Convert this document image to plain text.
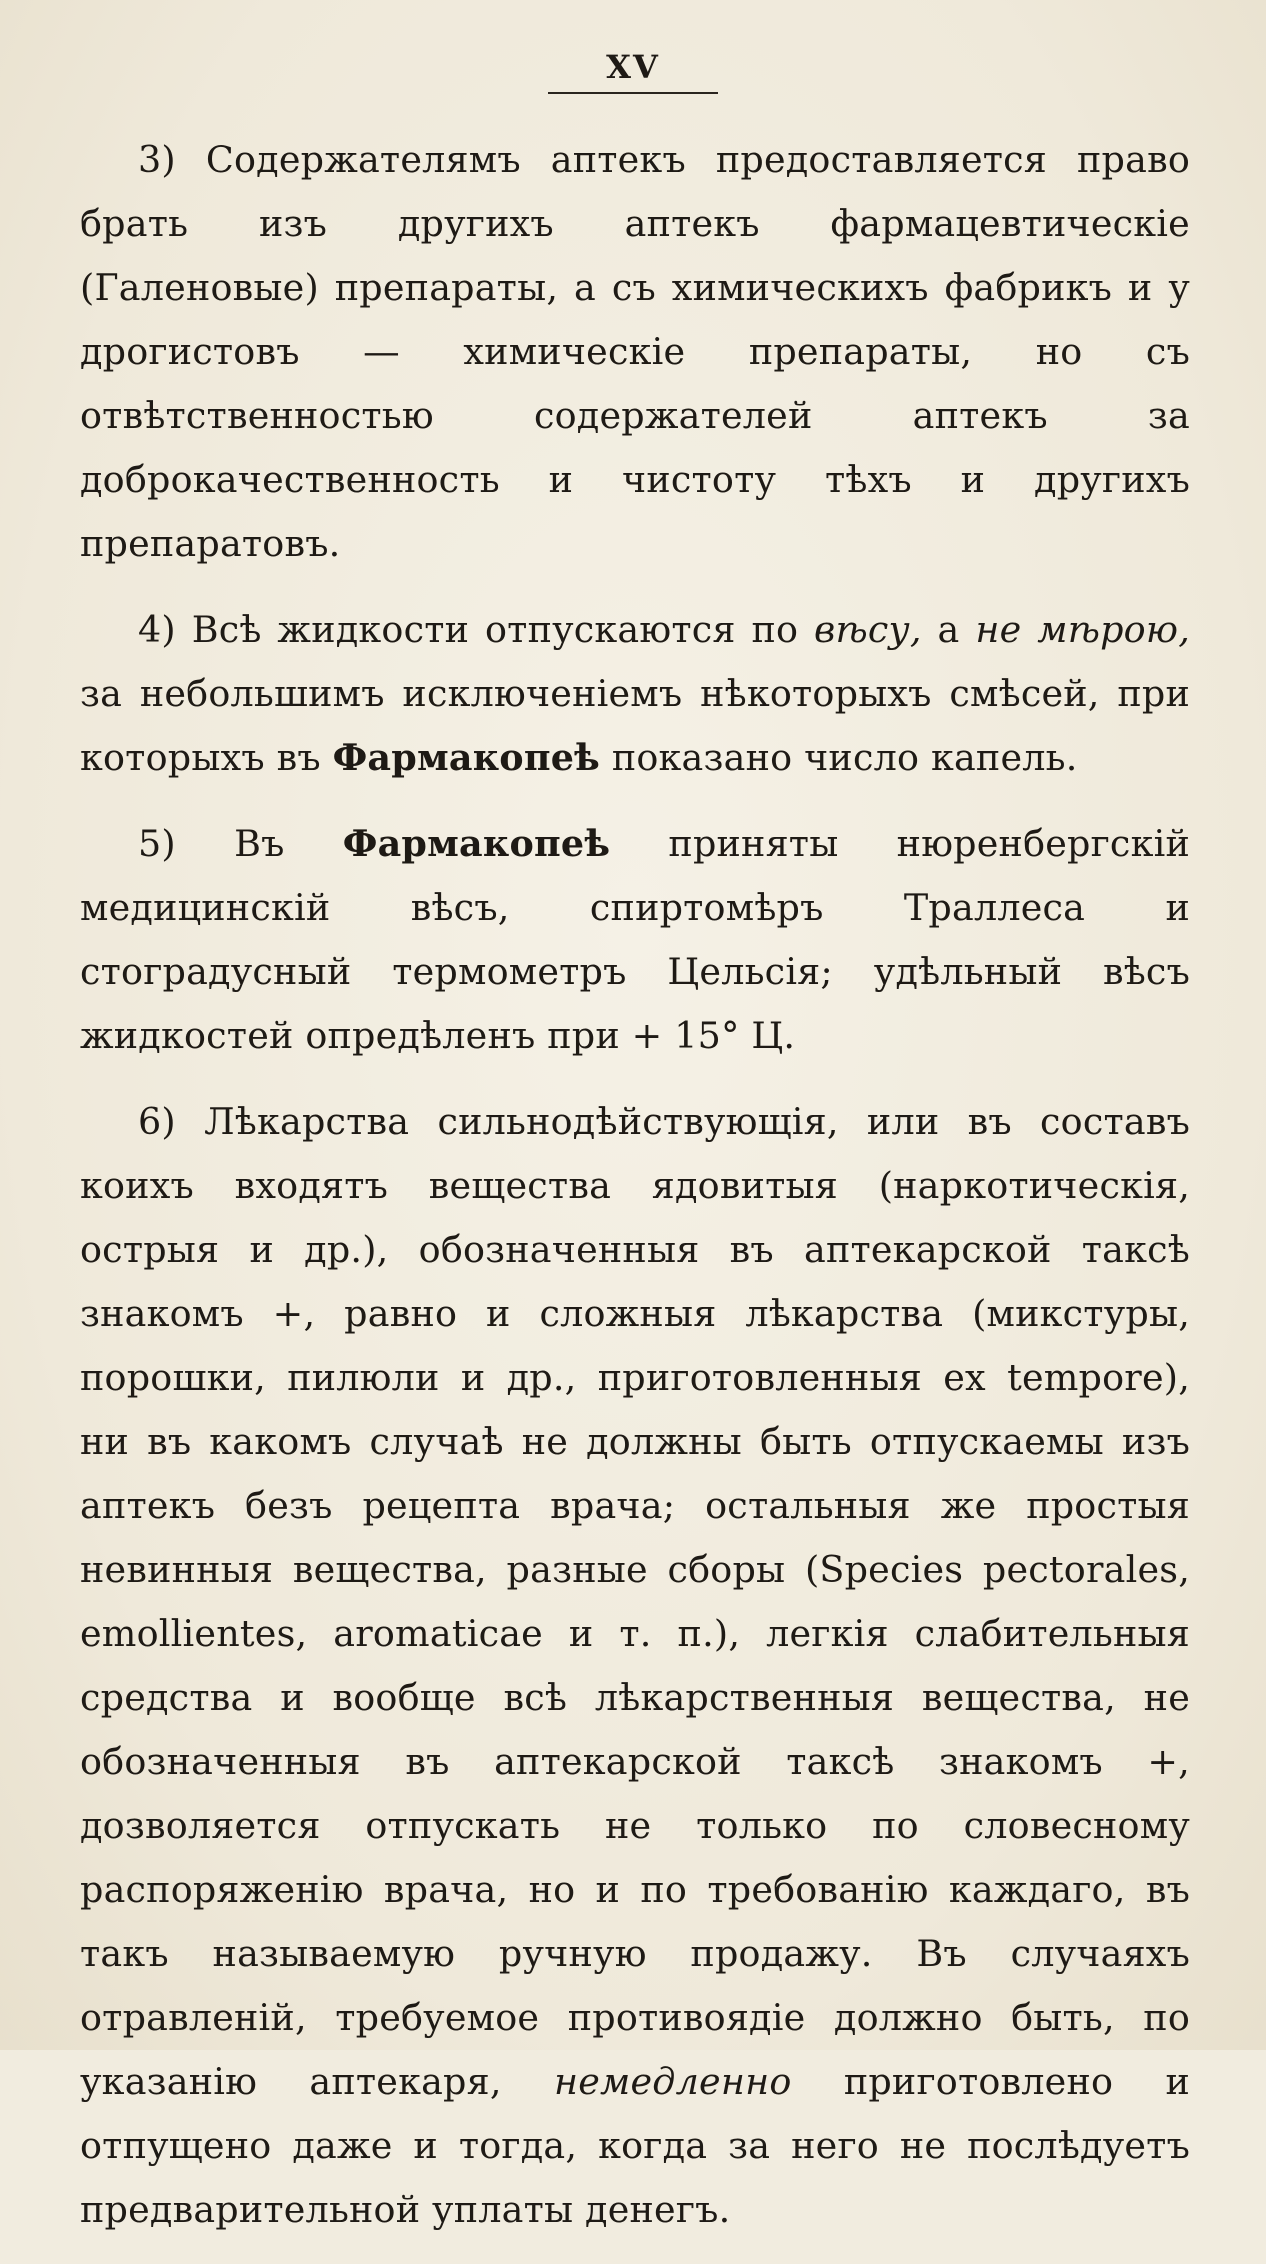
XV

3) Содержателямъ аптекъ предоставляется право брать изъ другихъ аптекъ фармацевтическіе (Галеновые) препараты, а съ химическихъ фабрикъ и у дрогистовъ — химическіе препараты, но съ отвѣтственностью содержателей аптекъ за доброкачественность и чистоту тѣхъ и другихъ препаратовъ.

4) Всѣ жидкости отпускаются по вѣсу, а не мѣрою, за небольшимъ исключеніемъ нѣкоторыхъ смѣсей, при которыхъ въ Фармакопеѣ показано число капель.

5) Въ Фармакопеѣ приняты нюренбергскій медицинскій вѣсъ, спиртомѣръ Траллеса и стоградусный термометръ Цельсія; удѣльный вѣсъ жидкостей опредѣленъ при + 15° Ц.

6) Лѣкарства сильнодѣйствующія, или въ составъ коихъ входятъ вещества ядовитыя (наркотическія, острыя и др.), обозначенныя въ аптекарской таксѣ знакомъ +, равно и сложныя лѣкарства (микстуры, порошки, пилюли и др., приготовленныя ex tempore), ни въ какомъ случаѣ не должны быть отпускаемы изъ аптекъ безъ рецепта врача; остальныя же простыя невинныя вещества, разные сборы (Species pectorales, emollientes, aromaticae и т. п.), легкія слабительныя средства и вообще всѣ лѣкарственныя вещества, не обозначенныя въ аптекарской таксѣ знакомъ +, дозволяется отпускать не только по словесному распоряженію врача, но и по требованію каждаго, въ такъ называемую ручную продажу. Въ случаяхъ отравленій, требуемое противоядіе должно быть, по указанію аптекаря, немедленно приготовлено и отпущено даже и тогда, когда за него не послѣдуетъ предварительной уплаты денегъ.
